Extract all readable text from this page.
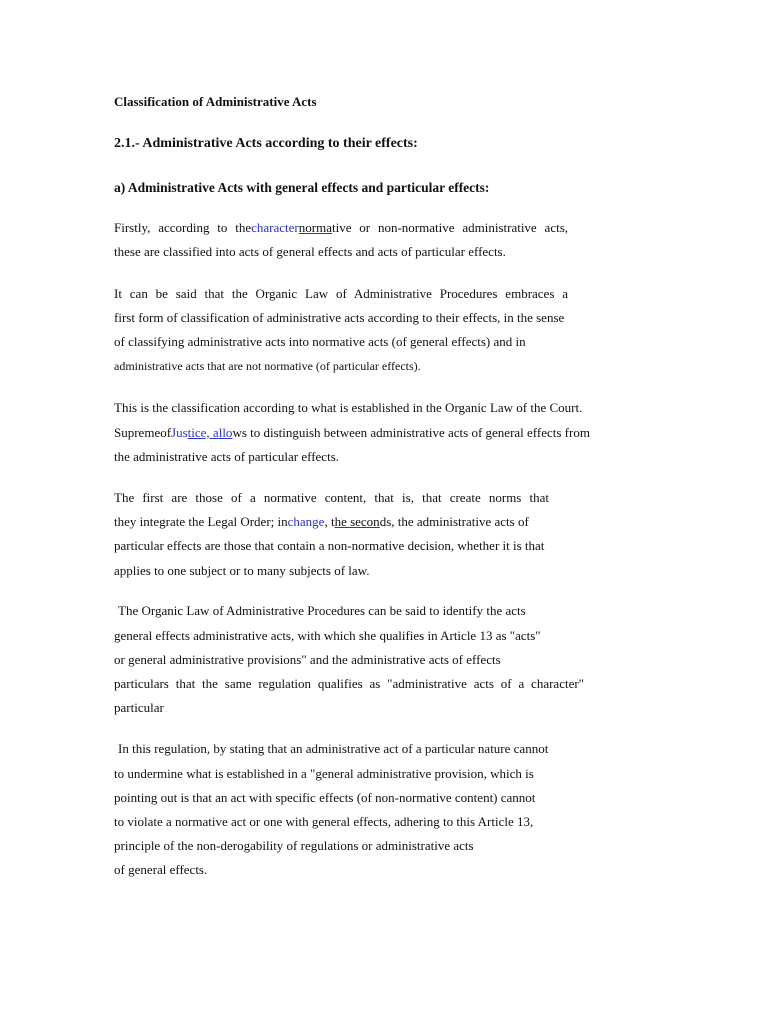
Classification of Administrative Acts
2.1.- Administrative Acts according to their effects:
a) Administrative Acts with general effects and particular effects:
Firstly, according to thecharacternormative or non-normative administrative acts,
these are classified into acts of general effects and acts of particular effects.
It can be said that the Organic Law of Administrative Procedures embraces a
first form of classification of administrative acts according to their effects, in the sense
of classifying administrative acts into normative acts (of general effects) and in
administrative acts that are not normative (of particular effects).
This is the classification according to what is established in the Organic Law of the Court.
SupremeofJustice, allows to distinguish between administrative acts of general effects from
the administrative acts of particular effects.
The first are those of a normative content, that is, that create norms that
they integrate the Legal Order; inchange, the seconds, the administrative acts of
particular effects are those that contain a non-normative decision, whether it is that
applies to one subject or to many subjects of law.
The Organic Law of Administrative Procedures can be said to identify the acts
general effects administrative acts, with which she qualifies in Article 13 as "acts"
or general administrative provisions" and the administrative acts of effects
particulars that the same regulation qualifies as "administrative acts of a character"
particular
In this regulation, by stating that an administrative act of a particular nature cannot
to undermine what is established in a "general administrative provision, which is
pointing out is that an act with specific effects (of non-normative content) cannot
to violate a normative act or one with general effects, adhering to this Article 13,
principle of the non-derogability of regulations or administrative acts
of general effects.
